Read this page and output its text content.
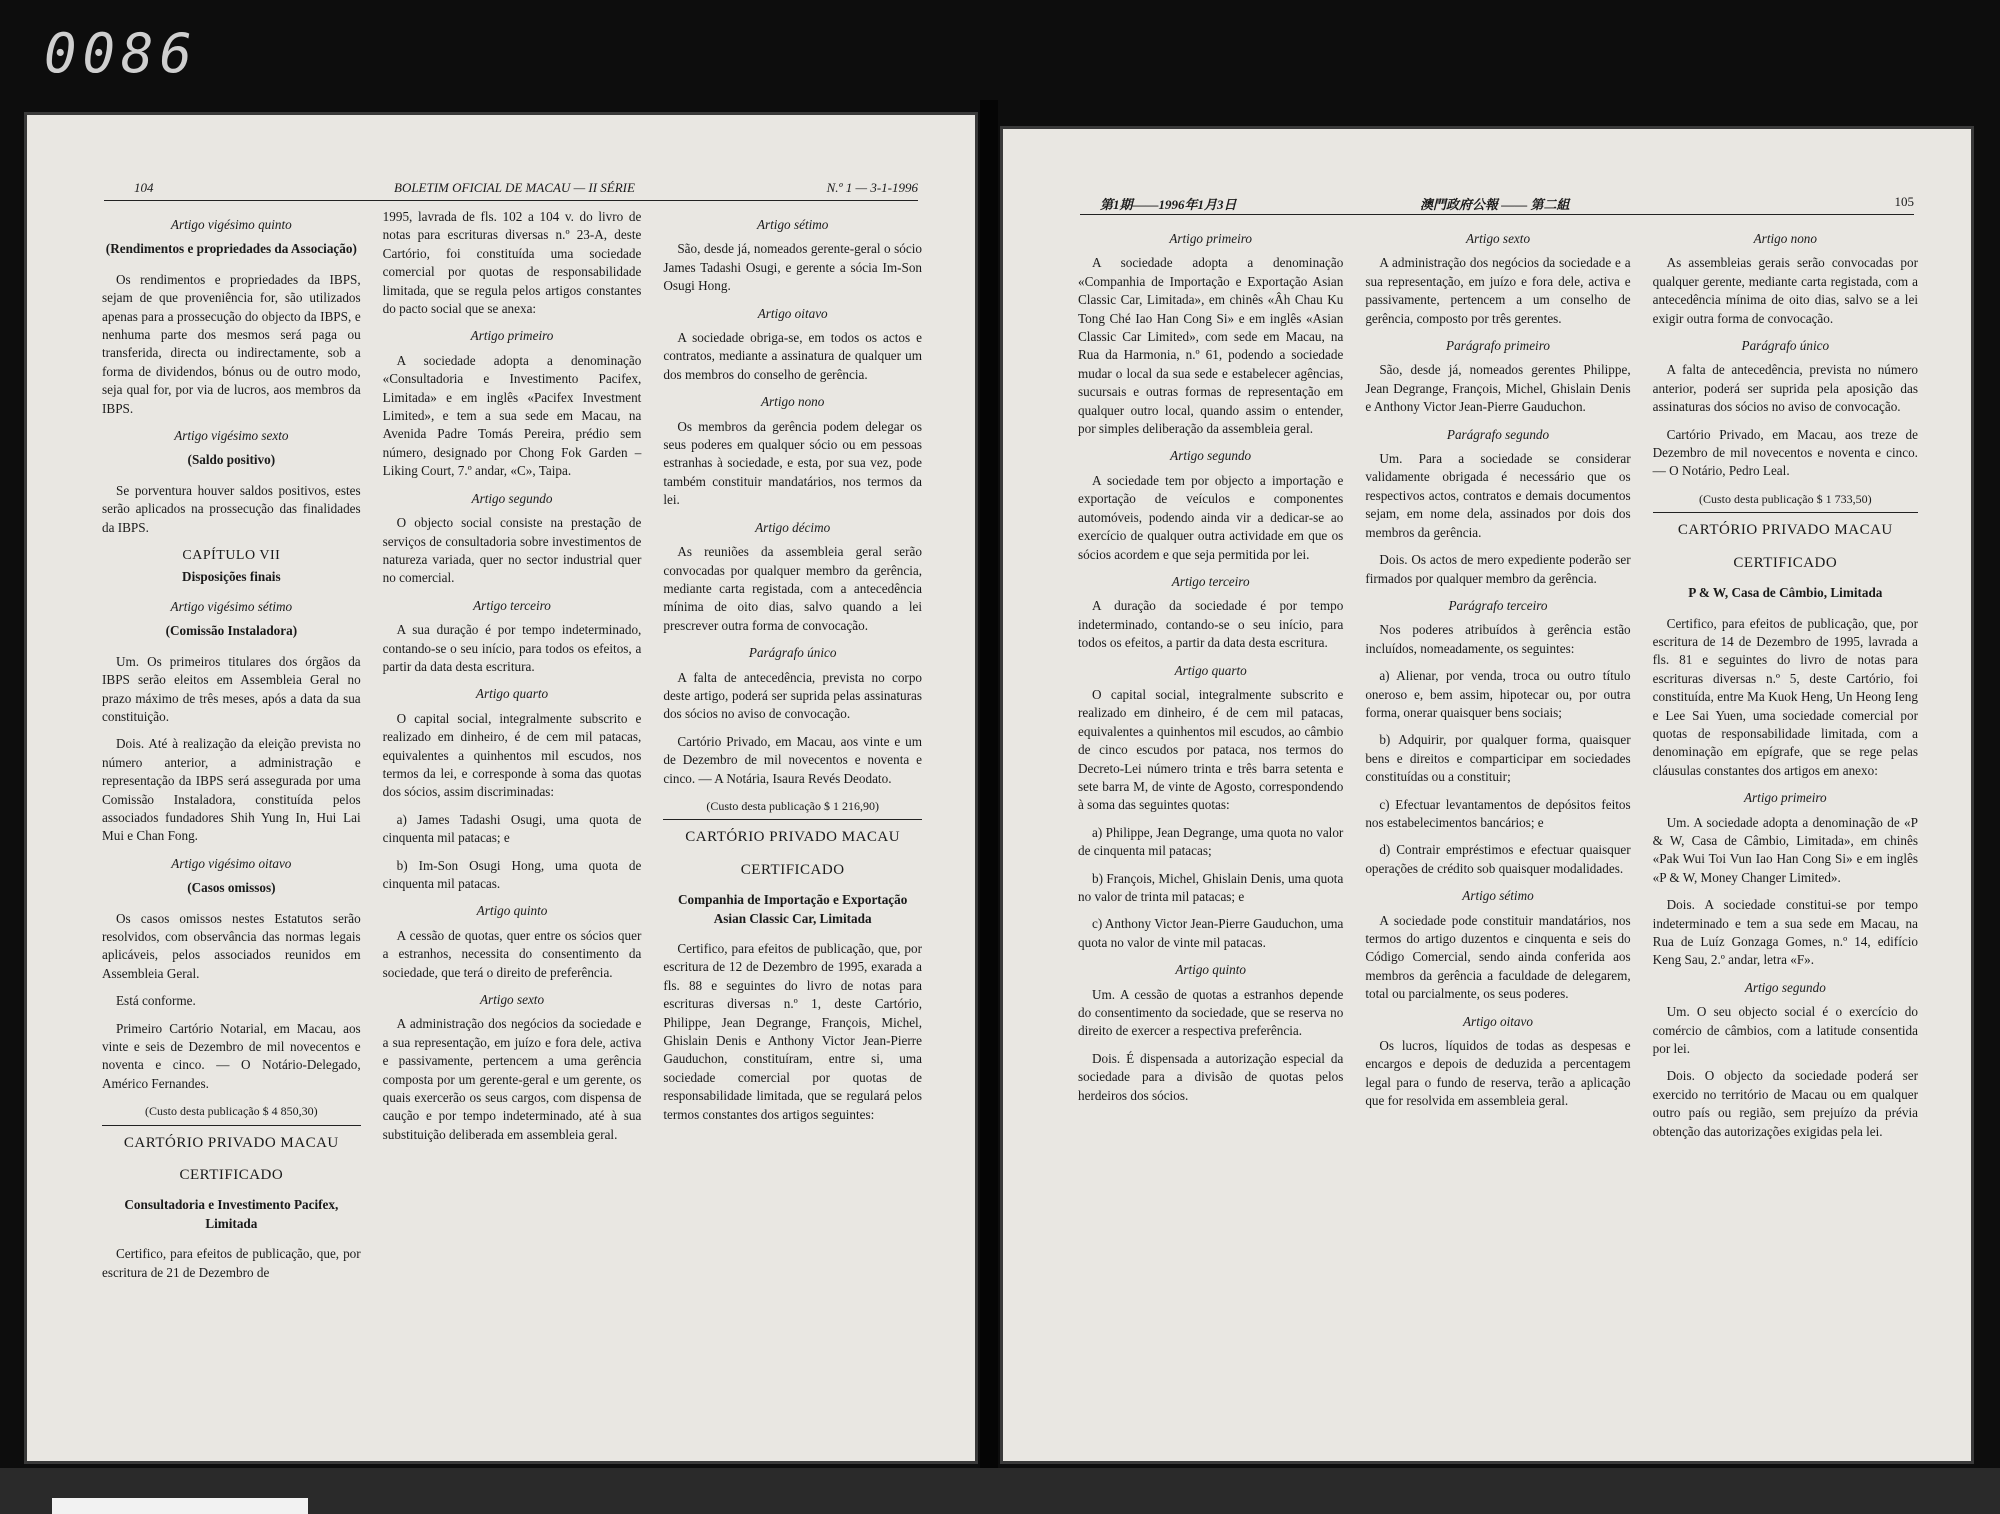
0086
104	BOLETIM OFICIAL DE MACAU — II SÉRIE	N.º 1 — 3-1-1996
Artigo vigésimo quinto
(Rendimentos e propriedades da Associação)

Os rendimentos e propriedades da IBPS, sejam de que proveniência for, são utilizados apenas para a prossecução do objecto da IBPS, e nenhuma parte dos mesmos será paga ou transferida, directa ou indirectamente, sob a forma de dividendos, bónus ou de outro modo, seja qual for, por via de lucros, aos membros da IBPS.

Artigo vigésimo sexto
(Saldo positivo)

Se porventura houver saldos positivos, estes serão aplicados na prossecução das finalidades da IBPS.

CAPÍTULO VII
Disposições finais
Artigo vigésimo sétimo
(Comissão Instaladora)

Um. Os primeiros titulares dos órgãos da IBPS serão eleitos em Assembleia Geral no prazo máximo de três meses, após a data da sua constituição.

Dois. Até à realização da eleição prevista no número anterior, a administração e representação da IBPS será assegurada por uma Comissão Instaladora, constituída pelos associados fundadores Shih Yung In, Hui Lai Mui e Chan Fong.

Artigo vigésimo oitavo
(Casos omissos)

Os casos omissos nestes Estatutos serão resolvidos, com observância das normas legais aplicáveis, pelos associados reunidos em Assembleia Geral.

Está conforme.

Primeiro Cartório Notarial, em Macau, aos vinte e seis de Dezembro de mil novecentos e noventa e cinco. — O Notário-Delegado, Américo Fernandes.

(Custo desta publicação $ 4 850,30)
CARTÓRIO PRIVADO MACAU
CERTIFICADO
Consultadoria e Investimento Pacifex, Limitada

Certifico, para efeitos de publicação, que, por escritura de 21 de Dezembro de

1995, lavrada de fls. 102 a 104 v. do livro de notas para escrituras diversas n.º 23-A, deste Cartório, foi constituída uma sociedade comercial por quotas de responsabilidade limitada, que se regula pelos artigos constantes do pacto social que se anexa:

Artigo primeiro

A sociedade adopta a denominação «Consultadoria e Investimento Pacifex, Limitada» e em inglês «Pacifex Investment Limited», e tem a sua sede em Macau, na Avenida Padre Tomás Pereira, prédio sem número, designado por Chong Fok Garden – Liking Court, 7.º andar, «C», Taipa.

Artigo segundo

O objecto social consiste na prestação de serviços de consultadoria sobre investimentos de natureza variada, quer no sector industrial quer no comercial.

Artigo terceiro

A sua duração é por tempo indeterminado, contando-se o seu início, para todos os efeitos, a partir da data desta escritura.

Artigo quarto

O capital social, integralmente subscrito e realizado em dinheiro, é de cem mil patacas, equivalentes a quinhentos mil escudos, nos termos da lei, e corresponde à soma das quotas dos sócios, assim discriminadas:

a) James Tadashi Osugi, uma quota de cinquenta mil patacas; e

b) Im-Son Osugi Hong, uma quota de cinquenta mil patacas.

Artigo quinto

A cessão de quotas, quer entre os sócios quer a estranhos, necessita do consentimento da sociedade, que terá o direito de preferência.

Artigo sexto

A administração dos negócios da sociedade e a sua representação, em juízo e fora dele, activa e passivamente, pertencem a uma gerência composta por um gerente-geral e um gerente, os quais exercerão os seus cargos, com dispensa de caução e por tempo indeterminado, até à sua substituição deliberada em assembleia geral.

Artigo sétimo

São, desde já, nomeados gerente-geral o sócio James Tadashi Osugi, e gerente a sócia Im-Son Osugi Hong.

Artigo oitavo

A sociedade obriga-se, em todos os actos e contratos, mediante a assinatura de qualquer um dos membros do conselho de gerência.

Artigo nono

Os membros da gerência podem delegar os seus poderes em qualquer sócio ou em pessoas estranhas à sociedade, e esta, por sua vez, pode também constituir mandatários, nos termos da lei.

Artigo décimo

As reuniões da assembleia geral serão convocadas por qualquer membro da gerência, mediante carta registada, com a antecedência mínima de oito dias, salvo quando a lei prescrever outra forma de convocação.

Parágrafo único

A falta de antecedência, prevista no corpo deste artigo, poderá ser suprida pelas assinaturas dos sócios no aviso de convocação.

Cartório Privado, em Macau, aos vinte e um de Dezembro de mil novecentos e noventa e cinco. — A Notária, Isaura Revés Deodato.

(Custo desta publicação $ 1 216,90)
CARTÓRIO PRIVADO MACAU
CERTIFICADO
Companhia de Importação e Exportação Asian Classic Car, Limitada

Certifico, para efeitos de publicação, que, por escritura de 12 de Dezembro de 1995, exarada a fls. 88 e seguintes do livro de notas para escrituras diversas n.º 1, deste Cartório, Philippe, Jean Degrange, François, Michel, Ghislain Denis e Anthony Victor Jean-Pierre Gauduchon, constituíram, entre si, uma sociedade comercial por quotas de responsabilidade limitada, que se regulará pelos termos constantes dos artigos seguintes:

第1期——1996年1月3日	澳門政府公報 —— 第二組	105
Artigo primeiro

A sociedade adopta a denominação «Companhia de Importação e Exportação Asian Classic Car, Limitada», em chinês «Âh Chau Ku Tong Ché Iao Han Cong Si» e em inglês «Asian Classic Car Limited», com sede em Macau, na Rua da Harmonia, n.º 61, podendo a sociedade mudar o local da sua sede e estabelecer agências, sucursais e outras formas de representação em qualquer outro local, quando assim o entender, por simples deliberação da assembleia geral.

Artigo segundo

A sociedade tem por objecto a importação e exportação de veículos e componentes automóveis, podendo ainda vir a dedicar-se ao exercício de qualquer outra actividade em que os sócios acordem e que seja permitida por lei.

Artigo terceiro

A duração da sociedade é por tempo indeterminado, contando-se o seu início, para todos os efeitos, a partir da data desta escritura.

Artigo quarto

O capital social, integralmente subscrito e realizado em dinheiro, é de cem mil patacas, equivalentes a quinhentos mil escudos, ao câmbio de cinco escudos por pataca, nos termos do Decreto-Lei número trinta e três barra setenta e sete barra M, de vinte de Agosto, correspondendo à soma das seguintes quotas:

a) Philippe, Jean Degrange, uma quota no valor de cinquenta mil patacas;

b) François, Michel, Ghislain Denis, uma quota no valor de trinta mil patacas; e

c) Anthony Victor Jean-Pierre Gauduchon, uma quota no valor de vinte mil patacas.

Artigo quinto

Um. A cessão de quotas a estranhos depende do consentimento da sociedade, que se reserva no direito de exercer a respectiva preferência.

Dois. É dispensada a autorização especial da sociedade para a divisão de quotas pelos herdeiros dos sócios.

Artigo sexto

A administração dos negócios da sociedade e a sua representação, em juízo e fora dele, activa e passivamente, pertencem a um conselho de gerência, composto por três gerentes.

Parágrafo primeiro

São, desde já, nomeados gerentes Philippe, Jean Degrange, François, Michel, Ghislain Denis e Anthony Victor Jean-Pierre Gauduchon.

Parágrafo segundo

Um. Para a sociedade se considerar validamente obrigada é necessário que os respectivos actos, contratos e demais documentos sejam, em nome dela, assinados por dois dos membros da gerência.

Dois. Os actos de mero expediente poderão ser firmados por qualquer membro da gerência.

Parágrafo terceiro

Nos poderes atribuídos à gerência estão incluídos, nomeadamente, os seguintes:

a) Alienar, por venda, troca ou outro título oneroso e, bem assim, hipotecar ou, por outra forma, onerar quaisquer bens sociais;

b) Adquirir, por qualquer forma, quaisquer bens e direitos e comparticipar em sociedades constituídas ou a constituir;

c) Efectuar levantamentos de depósitos feitos nos estabelecimentos bancários; e

d) Contrair empréstimos e efectuar quaisquer operações de crédito sob quaisquer modalidades.

Artigo sétimo

A sociedade pode constituir mandatários, nos termos do artigo duzentos e cinquenta e seis do Código Comercial, sendo ainda conferida aos membros da gerência a faculdade de delegarem, total ou parcialmente, os seus poderes.

Artigo oitavo

Os lucros, líquidos de todas as despesas e encargos e depois de deduzida a percentagem legal para o fundo de reserva, terão a aplicação que for resolvida em assembleia geral.

Artigo nono

As assembleias gerais serão convocadas por qualquer gerente, mediante carta registada, com a antecedência mínima de oito dias, salvo se a lei exigir outra forma de convocação.

Parágrafo único

A falta de antecedência, prevista no número anterior, poderá ser suprida pela aposição das assinaturas dos sócios no aviso de convocação.

Cartório Privado, em Macau, aos treze de Dezembro de mil novecentos e noventa e cinco. — O Notário, Pedro Leal.

(Custo desta publicação $ 1 733,50)
CARTÓRIO PRIVADO MACAU
CERTIFICADO
P & W, Casa de Câmbio, Limitada

Certifico, para efeitos de publicação, que, por escritura de 14 de Dezembro de 1995, lavrada a fls. 81 e seguintes do livro de notas para escrituras diversas n.º 5, deste Cartório, foi constituída, entre Ma Kuok Heng, Un Heong Ieng e Lee Sai Yuen, uma sociedade comercial por quotas de responsabilidade limitada, com a denominação em epígrafe, que se rege pelas cláusulas constantes dos artigos em anexo:

Artigo primeiro

Um. A sociedade adopta a denominação de «P & W, Casa de Câmbio, Limitada», em chinês «Pak Wui Toi Vun Iao Han Cong Si» e em inglês «P & W, Money Changer Limited».

Dois. A sociedade constitui-se por tempo indeterminado e tem a sua sede em Macau, na Rua de Luíz Gonzaga Gomes, n.º 14, edifício Keng Sau, 2.º andar, letra «F».

Artigo segundo

Um. O seu objecto social é o exercício do comércio de câmbios, com a latitude consentida por lei.

Dois. O objecto da sociedade poderá ser exercido no território de Macau ou em qualquer outro país ou região, sem prejuízo da prévia obtenção das autorizações exigidas pela lei.
